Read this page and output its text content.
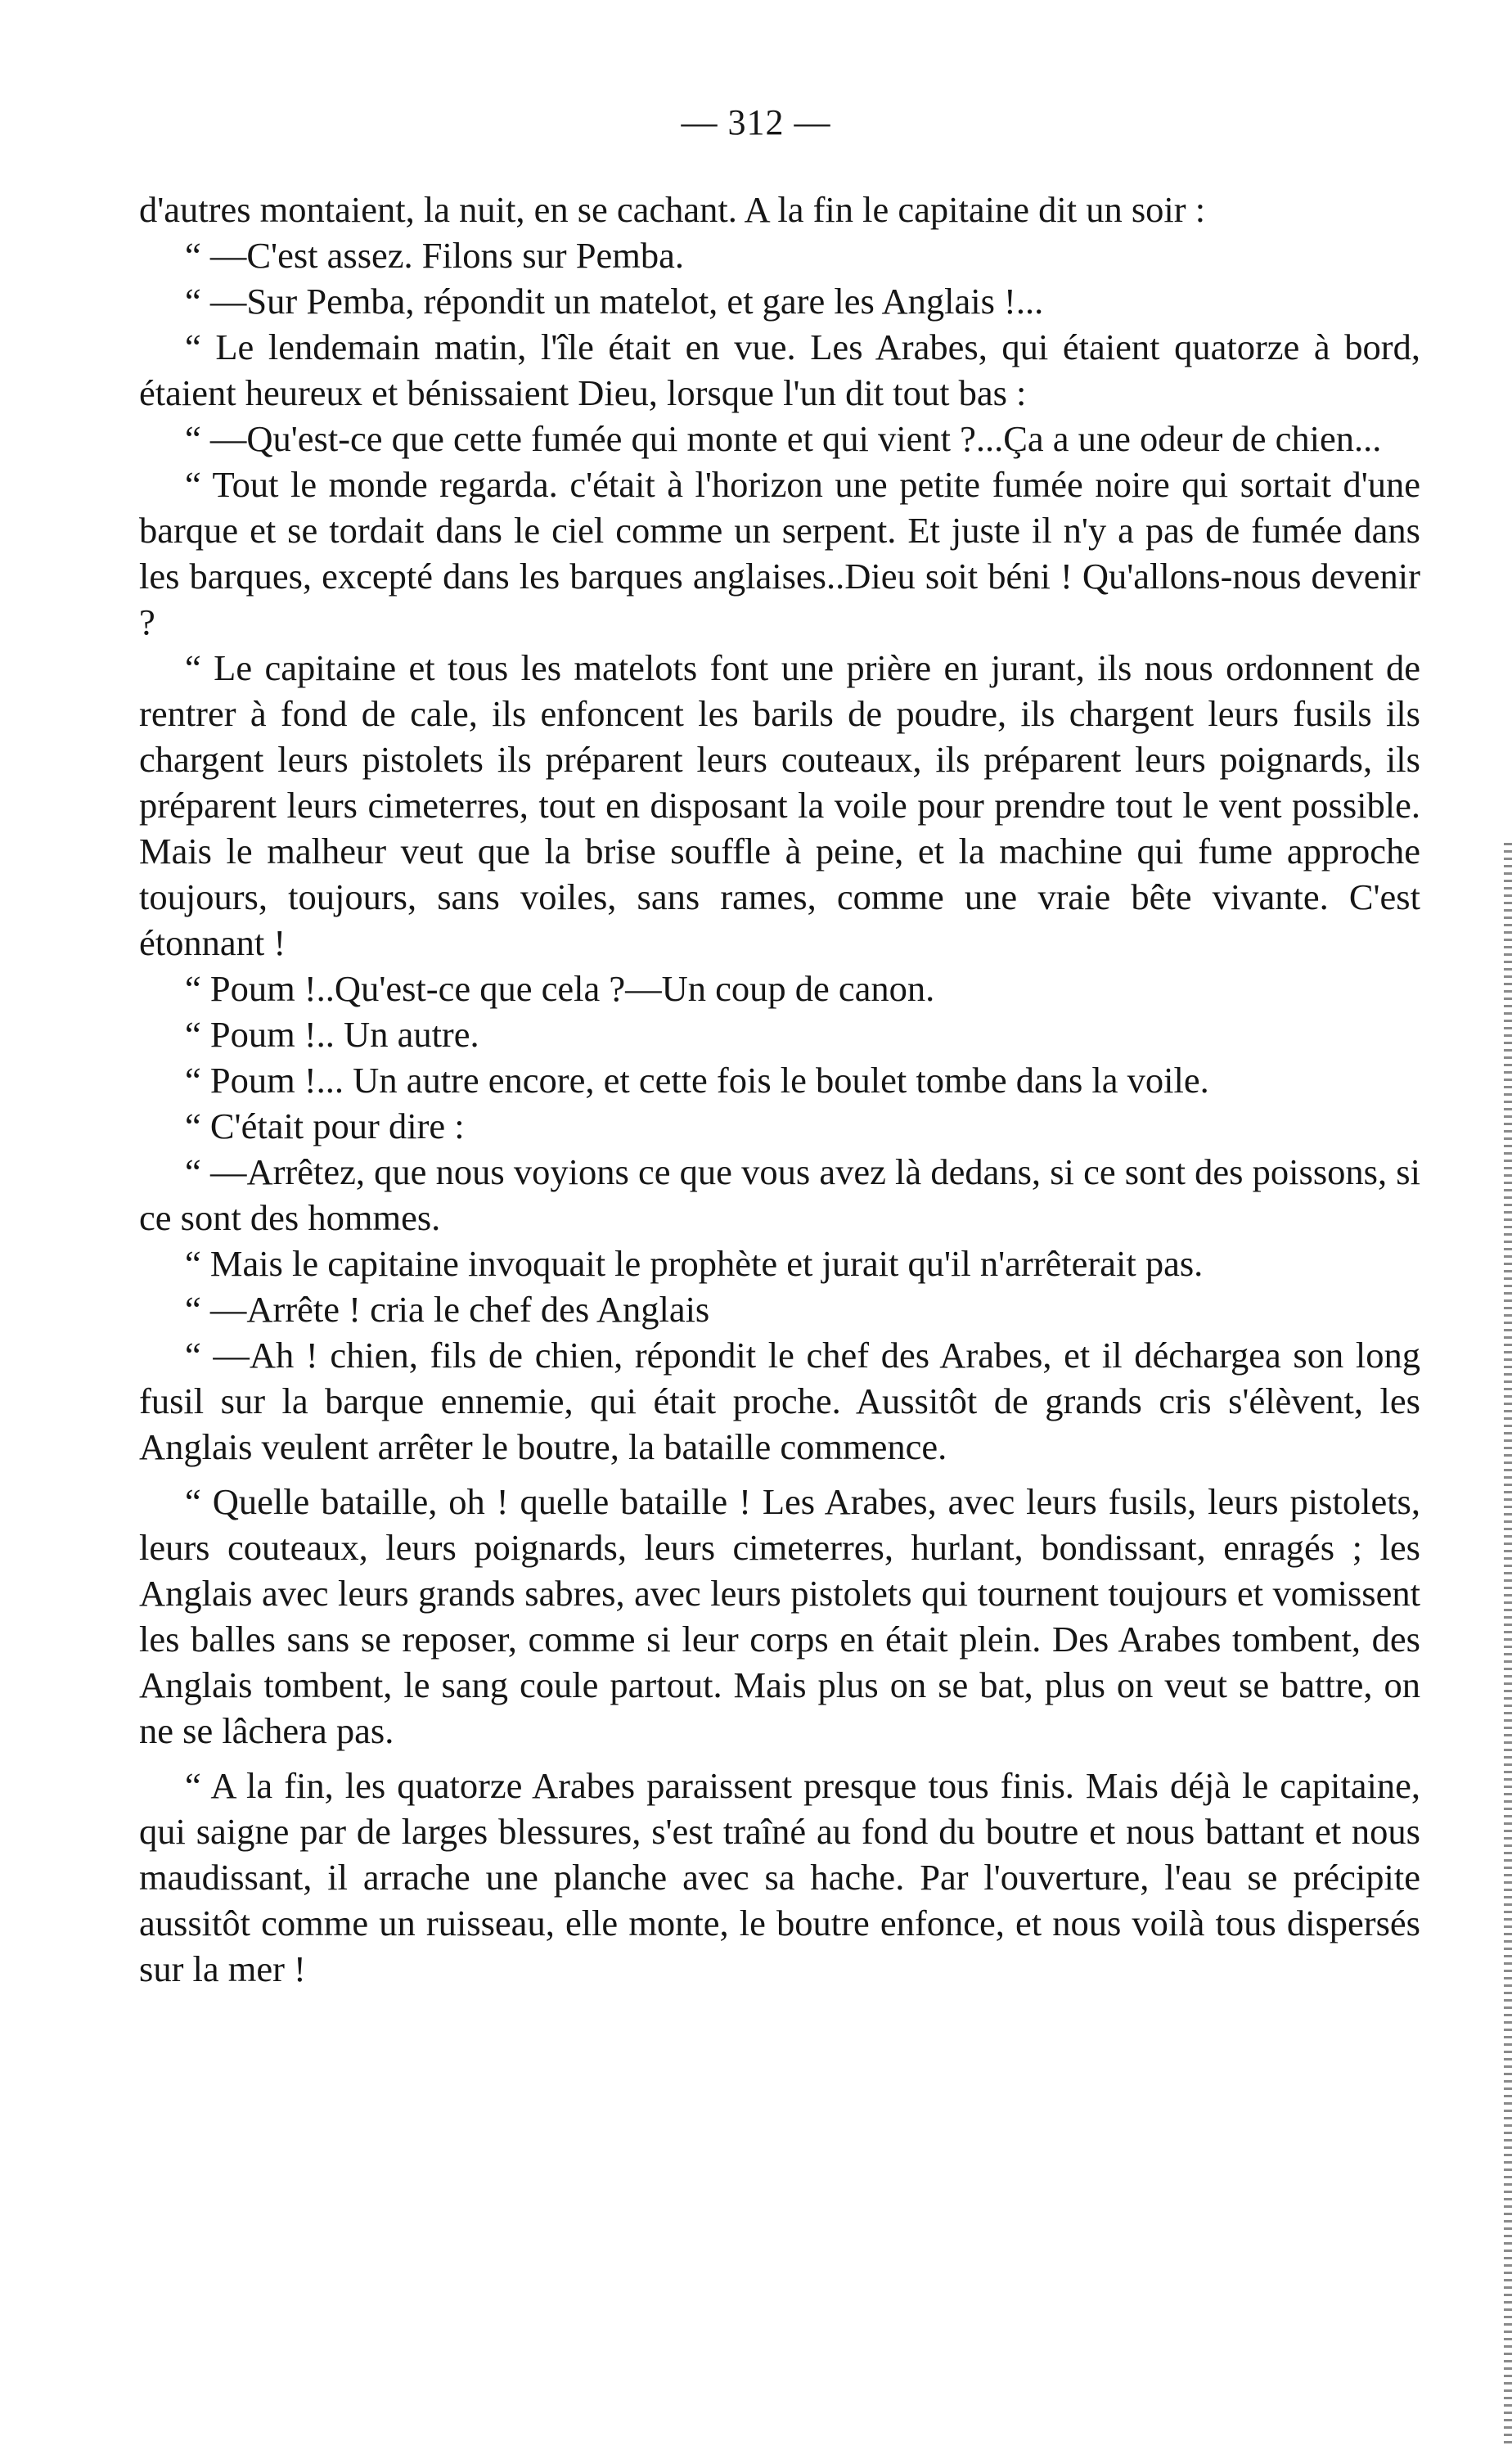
— 312 —

d'autres montaient, la nuit, en se cachant. A la fin le capitaine dit un soir :

“ —C'est assez. Filons sur Pemba.

“ —Sur Pemba, répondit un matelot, et gare les Anglais !...

“ Le lendemain matin, l'île était en vue. Les Arabes, qui étaient quatorze à bord, étaient heureux et bénissaient Dieu, lorsque l'un dit tout bas :

“ —Qu'est-ce que cette fumée qui monte et qui vient ?...Ça a une odeur de chien...

“ Tout le monde regarda. c'était à l'horizon une petite fumée noire qui sortait d'une barque et se tordait dans le ciel comme un serpent. Et juste il n'y a pas de fumée dans les barques, excepté dans les barques anglaises..Dieu soit béni ! Qu'allons-nous devenir ?

“ Le capitaine et tous les matelots font une prière en jurant, ils nous ordonnent de rentrer à fond de cale, ils enfoncent les barils de poudre, ils chargent leurs fusils ils chargent leurs pistolets ils préparent leurs couteaux, ils préparent leurs poignards, ils préparent leurs cimeterres, tout en disposant la voile pour prendre tout le vent possible. Mais le malheur veut que la brise souffle à peine, et la machine qui fume approche toujours, toujours, sans voiles, sans rames, comme une vraie bête vivante. C'est étonnant !

“ Poum !..Qu'est-ce que cela ?—Un coup de canon.

“ Poum !.. Un autre.

“ Poum !... Un autre encore, et cette fois le boulet tombe dans la voile.

“ C'était pour dire :

“ —Arrêtez, que nous voyions ce que vous avez là dedans, si ce sont des poissons, si ce sont des hommes.

“ Mais le capitaine invoquait le prophète et jurait qu'il n'arrêterait pas.

“ —Arrête ! cria le chef des Anglais

“ —Ah ! chien, fils de chien, répondit le chef des Arabes, et il déchargea son long fusil sur la barque ennemie, qui était proche. Aussitôt de grands cris s'élèvent, les Anglais veulent arrêter le boutre, la bataille commence.

“ Quelle bataille, oh ! quelle bataille ! Les Arabes, avec leurs fusils, leurs pistolets, leurs couteaux, leurs poignards, leurs cimeterres, hurlant, bondissant, enragés ; les Anglais avec leurs grands sabres, avec leurs pistolets qui tournent toujours et vomissent les balles sans se reposer, comme si leur corps en était plein. Des Arabes tombent, des Anglais tombent, le sang coule partout. Mais plus on se bat, plus on veut se battre, on ne se lâchera pas.

“ A la fin, les quatorze Arabes paraissent presque tous finis. Mais déjà le capitaine, qui saigne par de larges blessures, s'est traîné au fond du boutre et nous battant et nous maudissant, il arrache une planche avec sa hache. Par l'ouverture, l'eau se précipite aussitôt comme un ruisseau, elle monte, le boutre enfonce, et nous voilà tous dispersés sur la mer !
